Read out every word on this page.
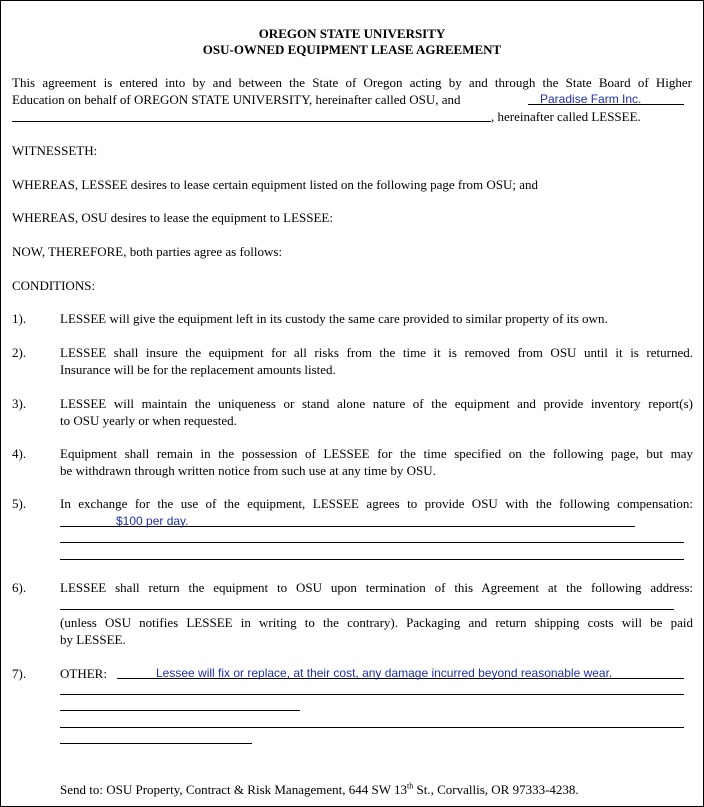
OREGON STATE UNIVERSITY
OSU-OWNED EQUIPMENT LEASE AGREEMENT
This agreement is entered into by and between the State of Oregon acting by and through the State Board of Higher
Education on behalf of OREGON STATE UNIVERSITY, hereinafter called OSU, and	Paradise Farm Inc.
, hereinafter called LESSEE.
WITNESSETH:
WHEREAS, LESSEE desires to lease certain equipment listed on the following page from OSU; and
WHEREAS, OSU desires to lease the equipment to LESSEE:
NOW, THEREFORE, both parties agree as follows:
CONDITIONS:
1).	LESSEE will give the equipment left in its custody the same care provided to similar property of its own.
2).	LESSEE shall insure the equipment for all risks from the time it is removed from OSU until it is returned.
Insurance will be for the replacement amounts listed.
3).	LESSEE will maintain the uniqueness or stand alone nature of the equipment and provide inventory report(s)
to OSU yearly or when requested.
4).	Equipment shall remain in the possession of LESSEE for the time specified on the following page, but may
be withdrawn through written notice from such use at any time by OSU.
5).	In exchange for the use of the equipment, LESSEE agrees to provide OSU with the following compensation:
$100 per day.
6).	LESSEE shall return the equipment to OSU upon termination of this Agreement at the following address:
(unless OSU notifies LESSEE in writing to the contrary). Packaging and return shipping costs will be paid
by LESSEE.
7).	OTHER:	Lessee will fix or replace, at their cost, any damage incurred beyond reasonable wear.
Send to: OSU Property, Contract & Risk Management, 644 SW 13th St., Corvallis, OR 97333-4238.
